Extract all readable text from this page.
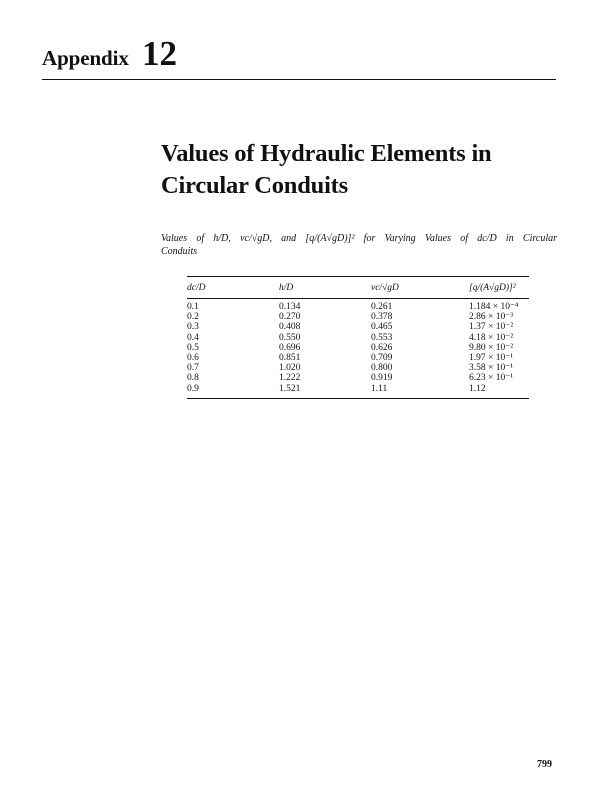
Appendix 12
Values of Hydraulic Elements in
Circular Conduits
Values of h/D, vc/√gD, and [q/(A√gD)]² for Varying Values of dc/D in Circular
Conduits
dc/D	h/D	vc/√gD	[q/(A√gD)]²
0.1	0.134	0.261	1.184 × 10⁻⁴
0.2	0.270	0.378	2.86 × 10⁻³
0.3	0.408	0.465	1.37 × 10⁻²
0.4	0.550	0.553	4.18 × 10⁻²
0.5	0.696	0.626	9.80 × 10⁻²
0.6	0.851	0.709	1.97 × 10⁻¹
0.7	1.020	0.800	3.58 × 10⁻¹
0.8	1.222	0.919	6.23 × 10⁻¹
0.9	1.521	1.11	1.12
799
